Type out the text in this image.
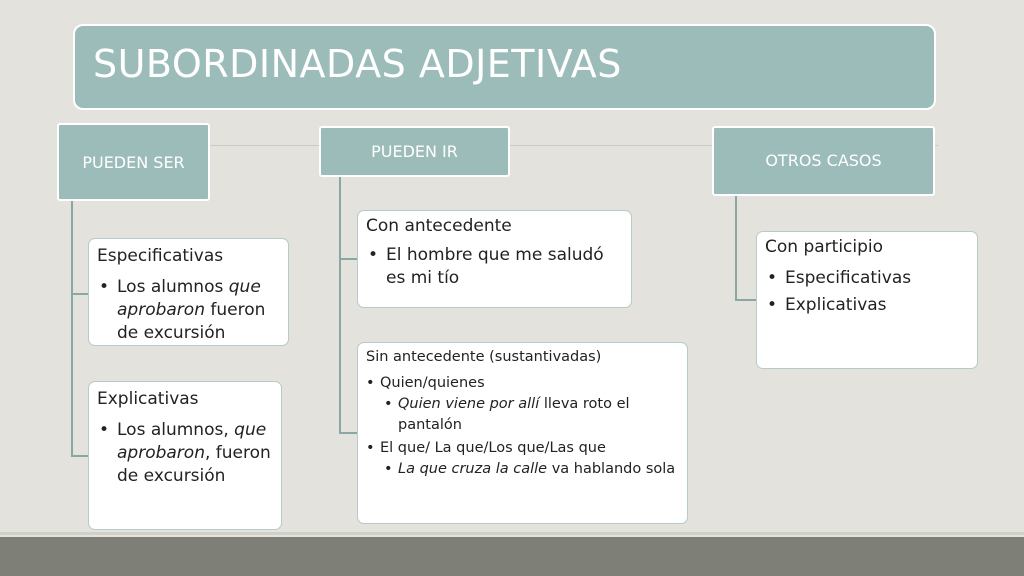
SUBORDINADAS ADJETIVAS
PUEDEN SER
Especificativas
• Los alumnos que aprobaron fueron de excursión
Explicativas
• Los alumnos, que aprobaron, fueron de excursión
PUEDEN IR
Con antecedente
• El hombre que me saludó es mi tío
Sin antecedente (sustantivadas)
• Quien/quienes
• Quien viene por allí lleva roto el pantalón
• El que/ La que/Los que/Las que
• La que cruza la calle va hablando sola
OTROS CASOS
Con participio
• Especificativas
• Explicativas
